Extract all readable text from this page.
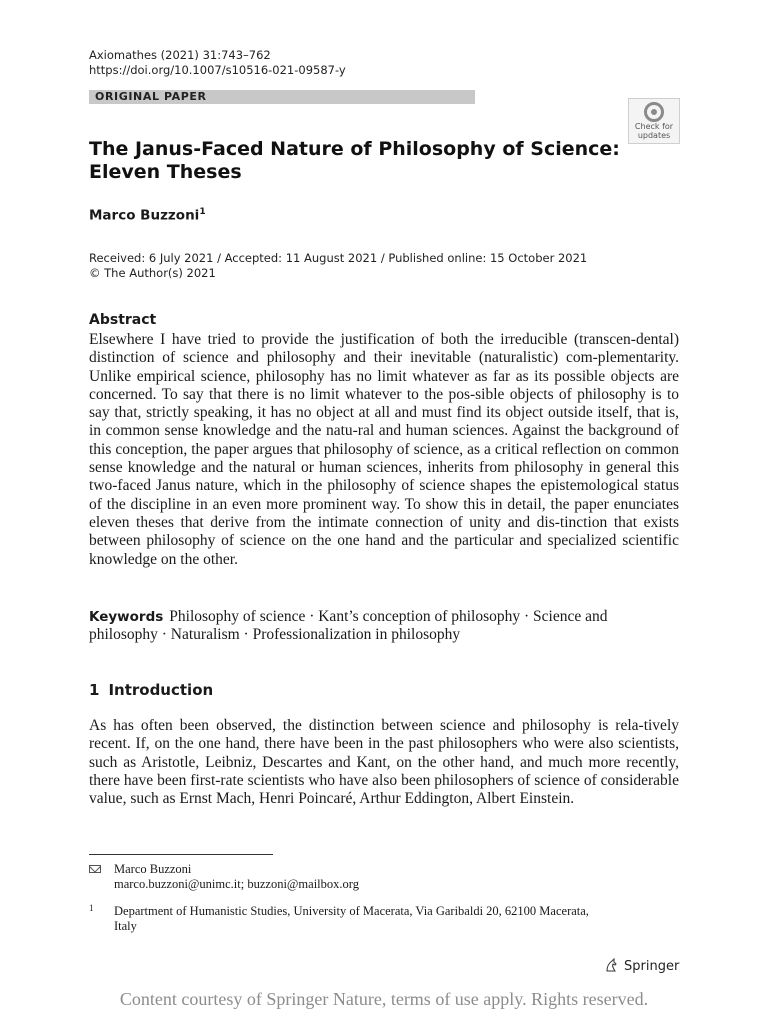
Axiomathes (2021) 31:743–762
https://doi.org/10.1007/s10516-021-09587-y
ORIGINAL PAPER
Check for
updates
The Janus-Faced Nature of Philosophy of Science: Eleven Theses
Marco Buzzoni$^1$
Received: 6 July 2021 / Accepted: 11 August 2021 / Published online: 15 October 2021
© The Author(s) 2021
Abstract
Elsewhere I have tried to provide the justification of both the irreducible (transcen-dental) distinction of science and philosophy and their inevitable (naturalistic) com-plementarity. Unlike empirical science, philosophy has no limit whatever as far as its possible objects are concerned. To say that there is no limit whatever to the pos-sible objects of philosophy is to say that, strictly speaking, it has no object at all and must find its object outside itself, that is, in common sense knowledge and the natu-ral and human sciences. Against the background of this conception, the paper argues that philosophy of science, as a critical reflection on common sense knowledge and the natural or human sciences, inherits from philosophy in general this two-faced Janus nature, which in the philosophy of science shapes the epistemological status of the discipline in an even more prominent way. To show this in detail, the paper enunciates eleven theses that derive from the intimate connection of unity and dis-tinction that exists between philosophy of science on the one hand and the particular and specialized scientific knowledge on the other.
Keywords Philosophy of science · Kant’s conception of philosophy · Science and philosophy · Naturalism · Professionalization in philosophy
1 Introduction
As has often been observed, the distinction between science and philosophy is rela-tively recent. If, on the one hand, there have been in the past philosophers who were also scientists, such as Aristotle, Leibniz, Descartes and Kant, on the other hand, and much more recently, there have been first-rate scientists who have also been philosophers of science of considerable value, such as Ernst Mach, Henri Poincaré, Arthur Eddington, Albert Einstein.
Marco Buzzoni
marco.buzzoni@unimc.it; buzzoni@mailbox.org
1 Department of Humanistic Studies, University of Macerata, Via Garibaldi 20, 62100 Macerata,
Italy
Springer
Content courtesy of Springer Nature, terms of use apply. Rights reserved.
